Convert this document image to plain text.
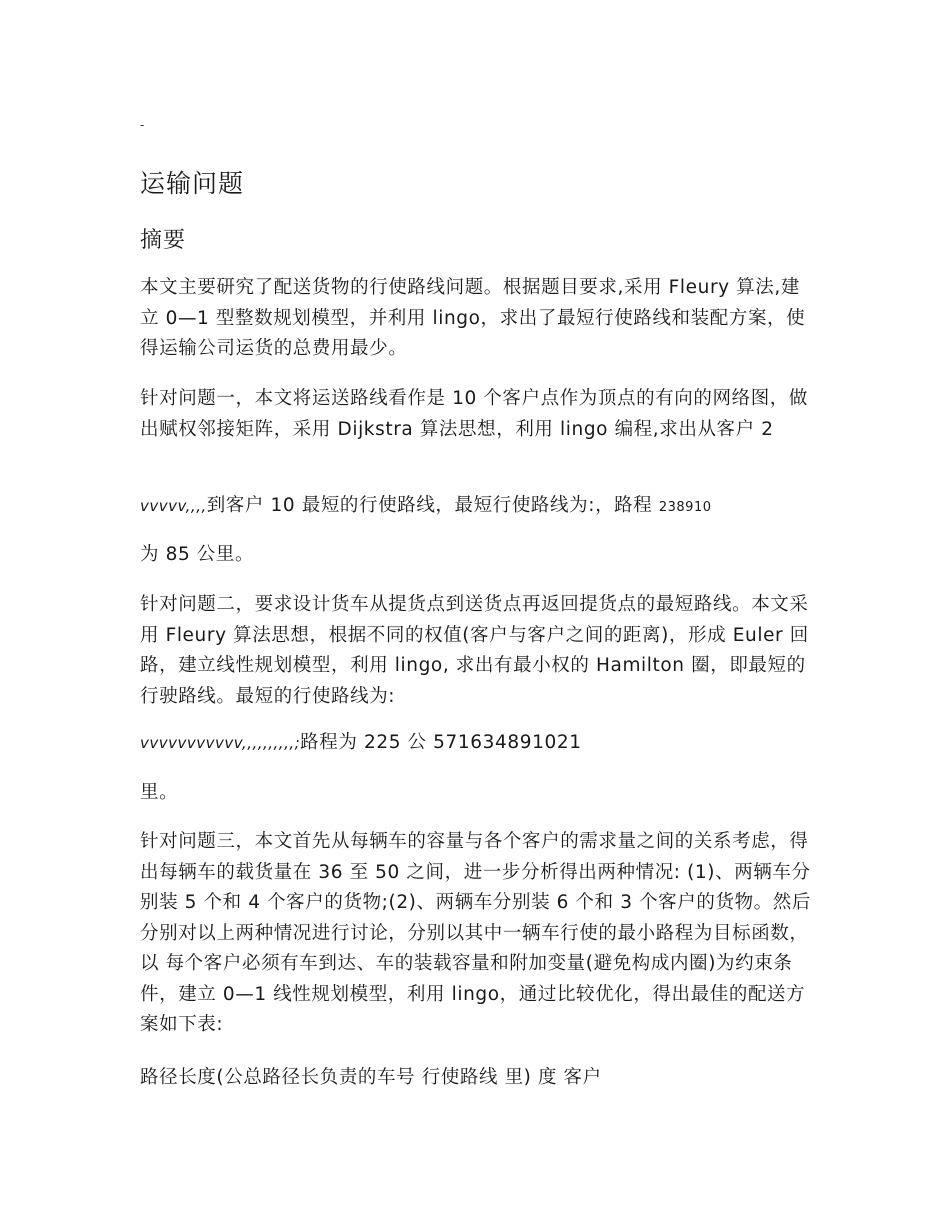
-
运输问题
摘要

本文主要研究了配送货物的行使路线问题。根据题目要求,采用 Fleury 算法,建立 0—1 型整数规划模型，并利用 lingo，求出了最短行使路线和装配方案，使得运输公司运货的总费用最少。

针对问题一，本文将运送路线看作是 10 个客户点作为顶点的有向的网络图，做出赋权邻接矩阵，采用 Dijkstra 算法思想，利用 lingo 编程,求出从客户 2

vvvvv,,,,到客户 10 最短的行使路线，最短行使路线为:，路程 238910

为 85 公里。

针对问题二，要求设计货车从提货点到送货点再返回提货点的最短路线。本文采用 Fleury 算法思想，根据不同的权值(客户与客户之间的距离)，形成 Euler 回路，建立线性规划模型，利用 lingo, 求出有最小权的 Hamilton 圈，即最短的行驶路线。最短的行使路线为:

vvvvvvvvvvv,,,,,,,,,,;路程为 225 公 571634891021

里。

针对问题三，本文首先从每辆车的容量与各个客户的需求量之间的关系考虑，得出每辆车的载货量在 36 至 50 之间，进一步分析得出两种情况: (1)、两辆车分别装 5 个和 4 个客户的货物;(2)、两辆车分别装 6 个和 3 个客户的货物。然后分别对以上两种情况进行讨论，分别以其中一辆车行使的最小路程为目标函数，以 每个客户必须有车到达、车的装载容量和附加变量(避免构成内圈)为约束条件，建立 0—1 线性规划模型，利用 lingo，通过比较优化，得出最佳的配送方案如下表:

路径长度(公总路径长负责的车号 行使路线 里) 度 客户
